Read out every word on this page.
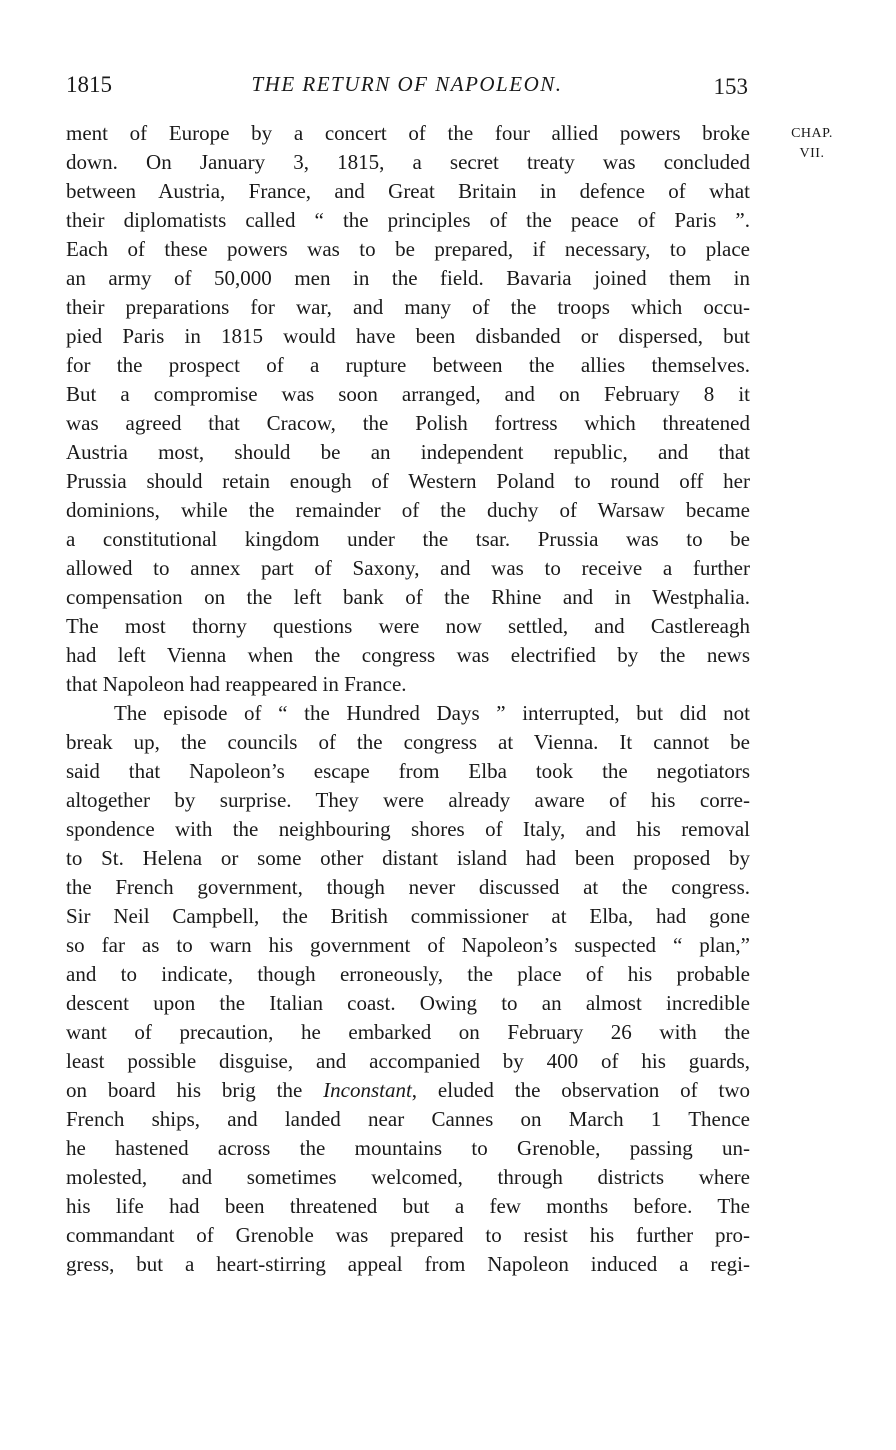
1815	THE RETURN OF NAPOLEON.	153
CHAP.
VII.
ment of Europe by a concert of the four allied powers broke
down. On January 3, 1815, a secret treaty was concluded
between Austria, France, and Great Britain in defence of what
their diplomatists called “ the principles of the peace of Paris ”.
Each of these powers was to be prepared, if necessary, to place
an army of 50,000 men in the field. Bavaria joined them in
their preparations for war, and many of the troops which occu-
pied Paris in 1815 would have been disbanded or dispersed, but
for the prospect of a rupture between the allies themselves.
But a compromise was soon arranged, and on February 8 it
was agreed that Cracow, the Polish fortress which threatened
Austria most, should be an independent republic, and that
Prussia should retain enough of Western Poland to round off her
dominions, while the remainder of the duchy of Warsaw became
a constitutional kingdom under the tsar. Prussia was to be
allowed to annex part of Saxony, and was to receive a further
compensation on the left bank of the Rhine and in Westphalia.
The most thorny questions were now settled, and Castlereagh
had left Vienna when the congress was electrified by the news
that Napoleon had reappeared in France.
The episode of “ the Hundred Days ” interrupted, but did not
break up, the councils of the congress at Vienna. It cannot be
said that Napoleon’s escape from Elba took the negotiators
altogether by surprise. They were already aware of his corre-
spondence with the neighbouring shores of Italy, and his removal
to St. Helena or some other distant island had been proposed by
the French government, though never discussed at the congress.
Sir Neil Campbell, the British commissioner at Elba, had gone
so far as to warn his government of Napoleon’s suspected “ plan,”
and to indicate, though erroneously, the place of his probable
descent upon the Italian coast. Owing to an almost incredible
want of precaution, he embarked on February 26 with the
least possible disguise, and accompanied by 400 of his guards,
on board his brig the Inconstant, eluded the observation of two
French ships, and landed near Cannes on March 1 Thence
he hastened across the mountains to Grenoble, passing un-
molested, and sometimes welcomed, through districts where
his life had been threatened but a few months before. The
commandant of Grenoble was prepared to resist his further pro-
gress, but a heart-stirring appeal from Napoleon induced a regi-
